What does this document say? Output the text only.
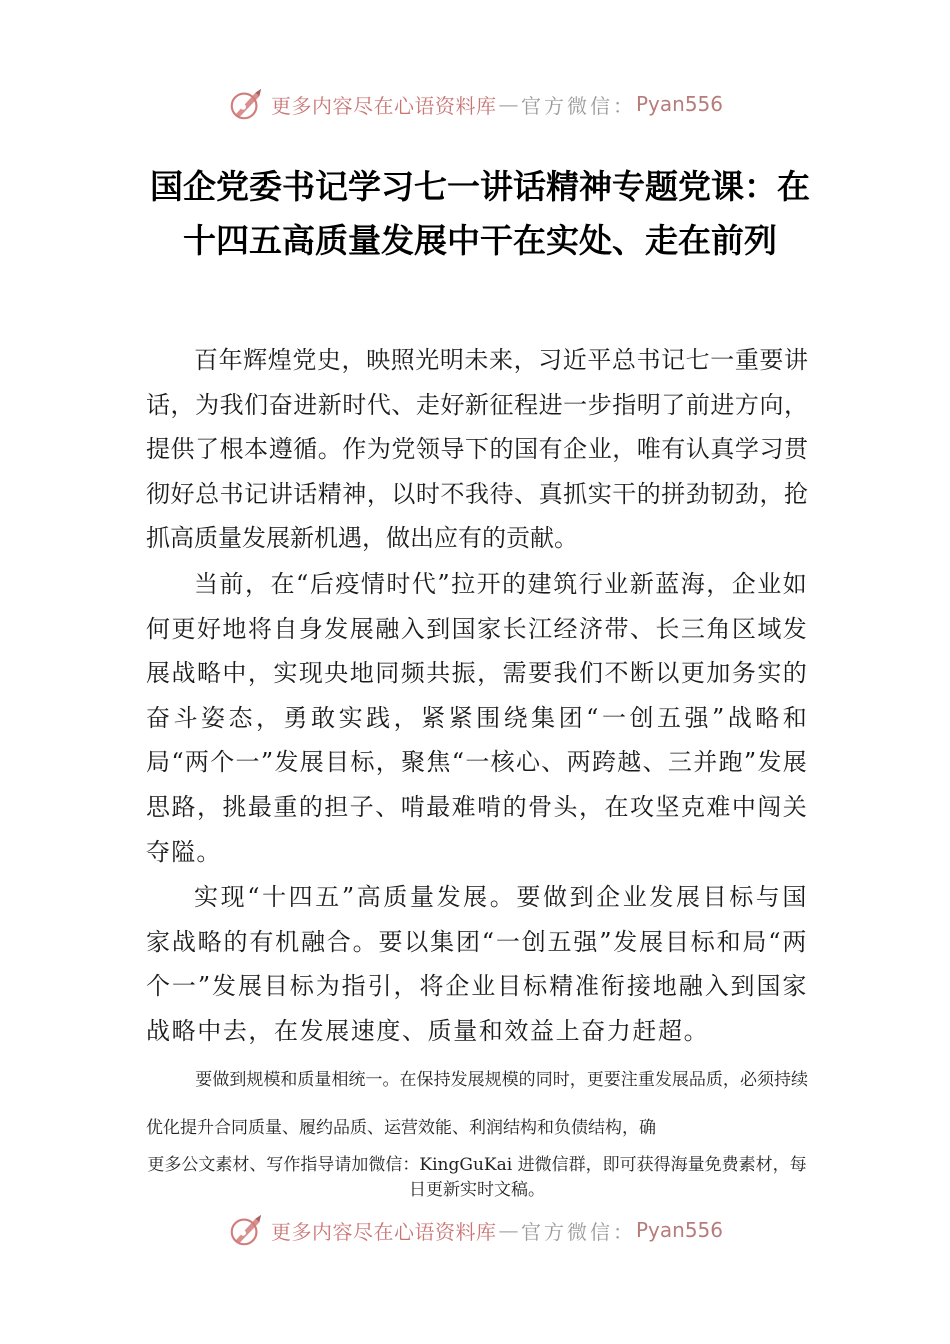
更多内容尽在心语资料库 — 官方微信： Pyan556
国企党委书记学习七一讲话精神专题党课：在十四五高质量发展中干在实处、走在前列

百年辉煌党史，映照光明未来，习近平总书记七一重要讲话，为我们奋进新时代、走好新征程进一步指明了前进方向，提供了根本遵循。作为党领导下的国有企业，唯有认真学习贯彻好总书记讲话精神，以时不我待、真抓实干的拼劲韧劲，抢抓高质量发展新机遇，做出应有的贡献。

当前，在“后疫情时代”拉开的建筑行业新蓝海，企业如何更好地将自身发展融入到国家长江经济带、长三角区域发展战略中，实现央地同频共振，需要我们不断以更加务实的奋斗姿态，勇敢实践，紧紧围绕集团“一创五强”战略和局“两个一”发展目标，聚焦“一核心、两跨越、三并跑”发展思路，挑最重的担子、啃最难啃的骨头，在攻坚克难中闯关夺隘。

实现“十四五”高质量发展。要做到企业发展目标与国家战略的有机融合。要以集团“一创五强”发展目标和局“两个一”发展目标为指引，将企业目标精准衔接地融入到国家战略中去，在发展速度、质量和效益上奋力赶超。

要做到规模和质量相统一。在保持发展规模的同时，更要注重发展品质，必须持续优化提升合同质量、履约品质、运营效能、利润结构和负债结构，确

更多公文素材、写作指导请加微信：KingGuKai 进微信群，即可获得海量免费素材，每日更新实时文稿。
更多内容尽在心语资料库 — 官方微信： Pyan556
